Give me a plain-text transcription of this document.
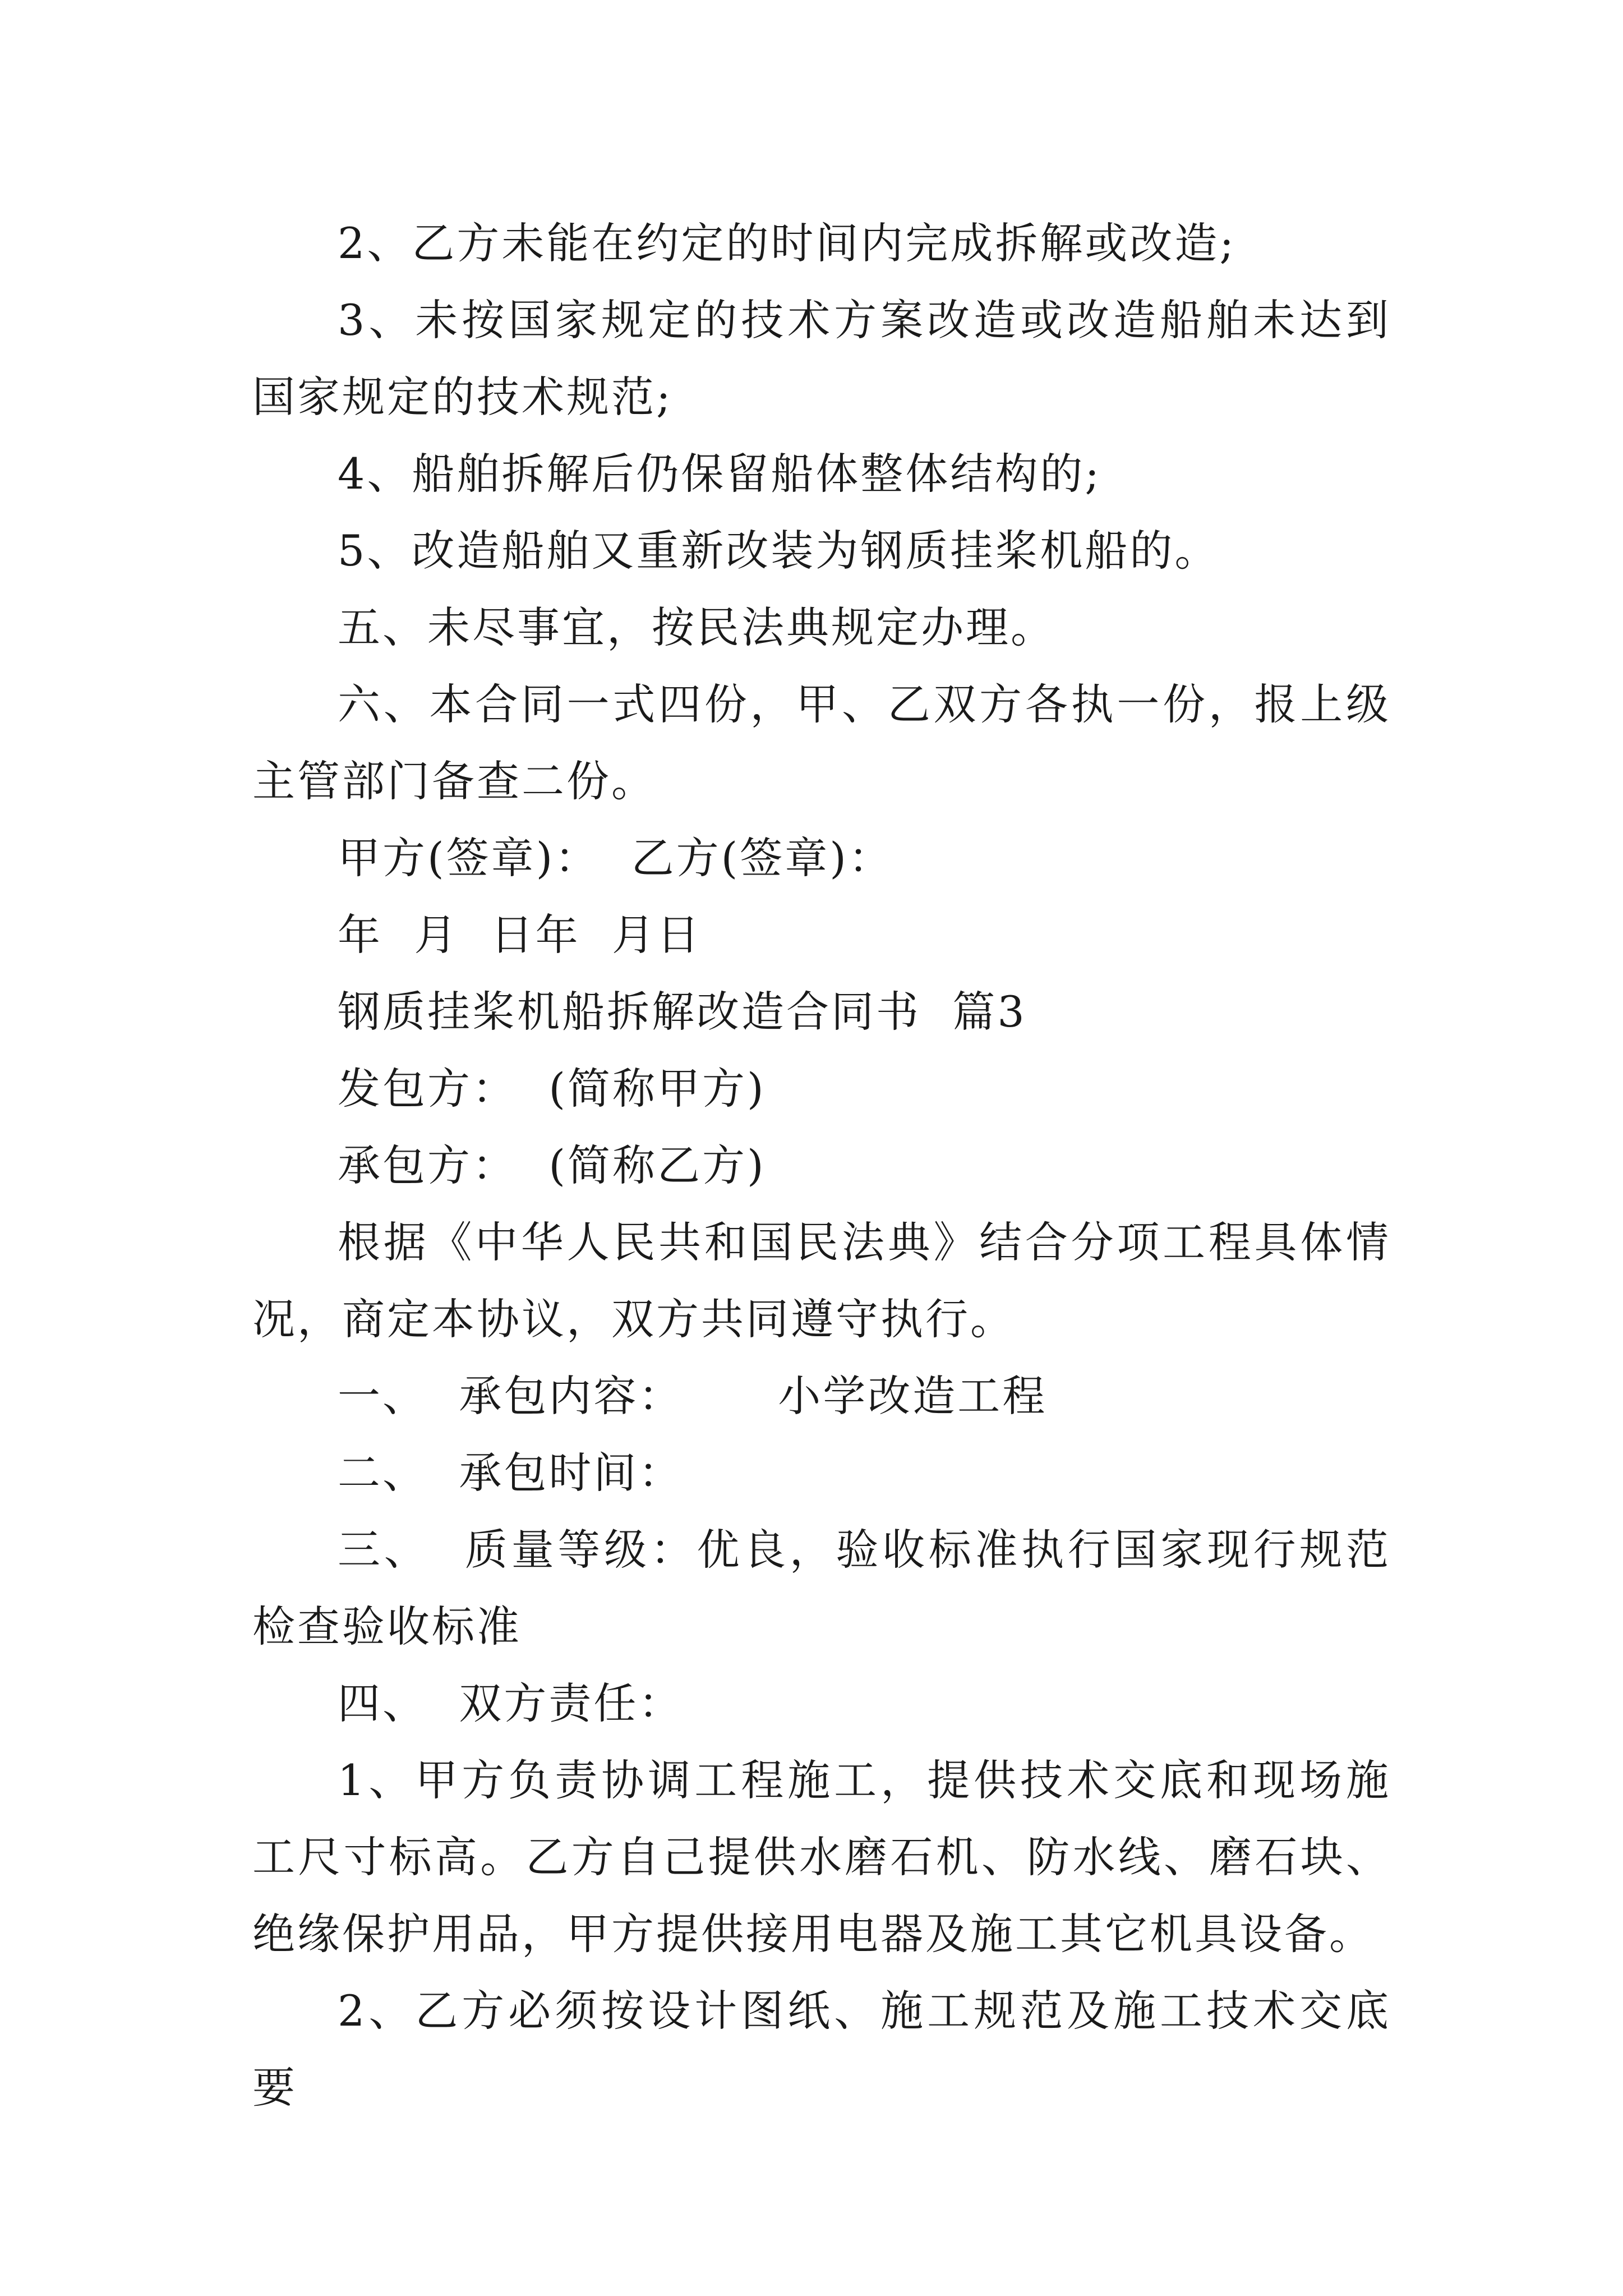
2、乙方未能在约定的时间内完成拆解或改造;

3、未按国家规定的技术方案改造或改造船舶未达到国家规定的技术规范;

4、船舶拆解后仍保留船体整体结构的;

5、改造船舶又重新改装为钢质挂桨机船的。

五、未尽事宜，按民法典规定办理。

六、本合同一式四份，甲、乙双方各执一份，报上级主管部门备查二份。

甲方(签章)：  乙方(签章)：

年  月  日年  月日

钢质挂桨机船拆解改造合同书  篇3

发包方：  (简称甲方)

承包方：  (简称乙方)

根据《中华人民共和国民法典》结合分项工程具体情况，商定本协议，双方共同遵守执行。

一、  承包内容：      小学改造工程

二、  承包时间：

三、  质量等级：优良，验收标准执行国家现行规范检查验收标准

四、  双方责任：

1、甲方负责协调工程施工，提供技术交底和现场施工尺寸标高。乙方自己提供水磨石机、防水线、磨石块、绝缘保护用品，甲方提供接用电器及施工其它机具设备。

2、乙方必须按设计图纸、施工规范及施工技术交底要
